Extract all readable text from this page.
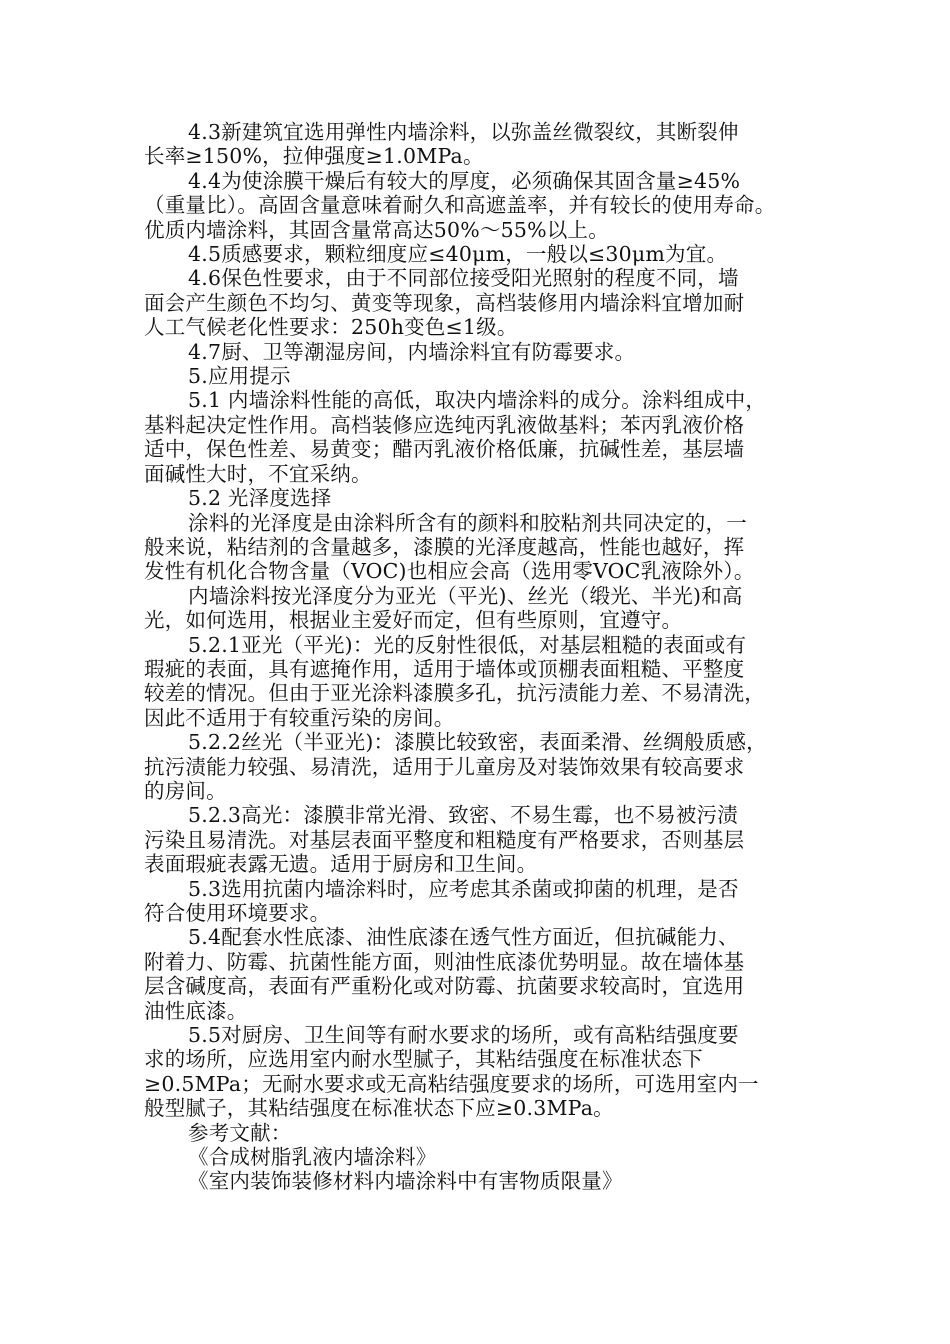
4.3新建筑宜选用弹性内墙涂料，以弥盖丝微裂纹，其断裂伸
长率≥150%，拉伸强度≥1.0MPa。
4.4为使涂膜干燥后有较大的厚度，必须确保其固含量≥45%
（重量比）。高固含量意味着耐久和高遮盖率，并有较长的使用寿命。
优质内墙涂料，其固含量常高达50%～55%以上。
4.5质感要求，颗粒细度应≤40μm，一般以≤30μm为宜。
4.6保色性要求，由于不同部位接受阳光照射的程度不同，墙
面会产生颜色不均匀、黄变等现象，高档装修用内墙涂料宜增加耐
人工气候老化性要求：250h变色≤1级。
4.7厨、卫等潮湿房间，内墙涂料宜有防霉要求。
5.应用提示
5.1 内墙涂料性能的高低，取决内墙涂料的成分。涂料组成中，
基料起决定性作用。高档装修应选纯丙乳液做基料；苯丙乳液价格
适中，保色性差、易黄变；醋丙乳液价格低廉，抗碱性差，基层墙
面碱性大时，不宜采纳。
5.2 光泽度选择
涂料的光泽度是由涂料所含有的颜料和胶粘剂共同决定的，一
般来说，粘结剂的含量越多，漆膜的光泽度越高，性能也越好，挥
发性有机化合物含量（VOC)也相应会高（选用零VOC乳液除外）。
内墙涂料按光泽度分为亚光（平光)、丝光（缎光、半光)和高
光，如何选用，根据业主爱好而定，但有些原则，宜遵守。
5.2.1亚光（平光)：光的反射性很低，对基层粗糙的表面或有
瑕疵的表面，具有遮掩作用，适用于墙体或顶棚表面粗糙、平整度
较差的情况。但由于亚光涂料漆膜多孔，抗污渍能力差、不易清洗，
因此不适用于有较重污染的房间。
5.2.2丝光（半亚光)：漆膜比较致密，表面柔滑、丝绸般质感，
抗污渍能力较强、易清洗，适用于儿童房及对装饰效果有较高要求
的房间。
5.2.3高光：漆膜非常光滑、致密、不易生霉，也不易被污渍
污染且易清洗。对基层表面平整度和粗糙度有严格要求，否则基层
表面瑕疵表露无遗。适用于厨房和卫生间。
5.3选用抗菌内墙涂料时，应考虑其杀菌或抑菌的机理，是否
符合使用环境要求。
5.4配套水性底漆、油性底漆在透气性方面近，但抗碱能力、
附着力、防霉、抗菌性能方面，则油性底漆优势明显。故在墙体基
层含碱度高，表面有严重粉化或对防霉、抗菌要求较高时，宜选用
油性底漆。
5.5对厨房、卫生间等有耐水要求的场所，或有高粘结强度要
求的场所，应选用室内耐水型腻子，其粘结强度在标准状态下
≥0.5MPa；无耐水要求或无高粘结强度要求的场所，可选用室内一
般型腻子，其粘结强度在标准状态下应≥0.3MPa。
参考文献：
《合成树脂乳液内墙涂料》
《室内装饰装修材料内墙涂料中有害物质限量》
